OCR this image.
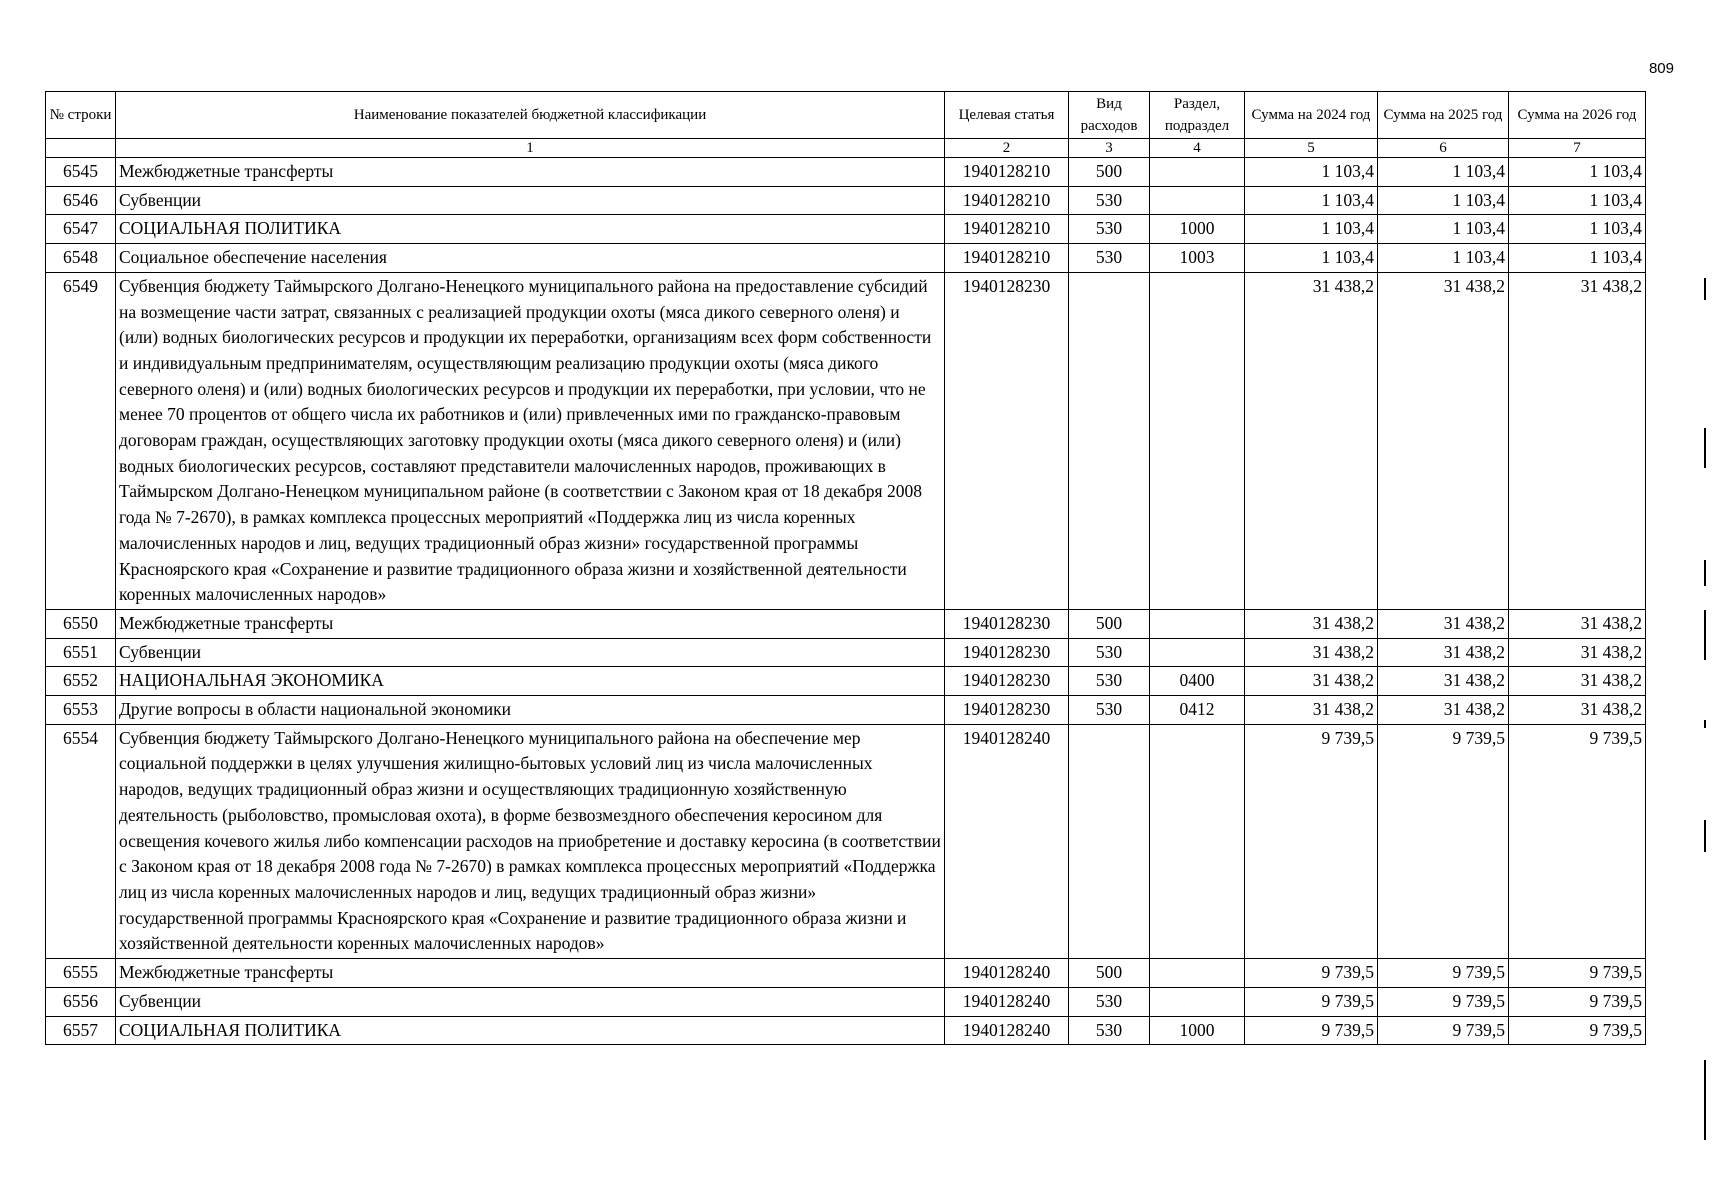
809
№ строки	Наименование показателей бюджетной классификации	Целевая статья	Вид расходов	Раздел, подраздел	Сумма на 2024 год	Сумма на 2025 год	Сумма на 2026 год
	1	2	3	4	5	6	7
6545	Межбюджетные трансферты	1940128210	500		1 103,4	1 103,4	1 103,4
6546	Субвенции	1940128210	530		1 103,4	1 103,4	1 103,4
6547	СОЦИАЛЬНАЯ ПОЛИТИКА	1940128210	530	1000	1 103,4	1 103,4	1 103,4
6548	Социальное обеспечение населения	1940128210	530	1003	1 103,4	1 103,4	1 103,4
6549	Субвенция бюджету Таймырского Долгано-Ненецкого муниципального района на предоставление субсидий на возмещение части затрат, связанных с реализацией продукции охоты (мяса дикого северного оленя) и (или) водных биологических ресурсов и продукции их переработки, организациям всех форм собственности и индивидуальным предпринимателям, осуществляющим реализацию продукции охоты (мяса дикого северного оленя) и (или) водных биологических ресурсов и продукции их переработки, при условии, что не менее 70 процентов от общего числа их работников и (или) привлеченных ими по гражданско-правовым договорам граждан, осуществляющих заготовку продукции охоты (мяса дикого северного оленя) и (или) водных биологических ресурсов, составляют представители малочисленных народов, проживающих в Таймырском Долгано-Ненецком муниципальном районе (в соответствии с Законом края от 18 декабря 2008 года № 7-2670), в рамках комплекса процессных мероприятий «Поддержка лиц из числа коренных малочисленных народов и лиц, ведущих традиционный образ жизни» государственной программы Красноярского края «Сохранение и развитие традиционного образа жизни и хозяйственной деятельности коренных малочисленных народов»	1940128230			31 438,2	31 438,2	31 438,2
6550	Межбюджетные трансферты	1940128230	500		31 438,2	31 438,2	31 438,2
6551	Субвенции	1940128230	530		31 438,2	31 438,2	31 438,2
6552	НАЦИОНАЛЬНАЯ ЭКОНОМИКА	1940128230	530	0400	31 438,2	31 438,2	31 438,2
6553	Другие вопросы в области национальной экономики	1940128230	530	0412	31 438,2	31 438,2	31 438,2
6554	Субвенция бюджету Таймырского Долгано-Ненецкого муниципального района на обеспечение мер социальной поддержки в целях улучшения жилищно-бытовых условий лиц из числа малочисленных народов, ведущих традиционный образ жизни и осуществляющих традиционную хозяйственную деятельность (рыболовство, промысловая охота), в форме безвозмездного обеспечения керосином для освещения кочевого жилья либо компенсации расходов на приобретение и доставку керосина (в соответствии с Законом края от 18 декабря 2008 года № 7-2670) в рамках комплекса процессных мероприятий «Поддержка лиц из числа коренных малочисленных народов и лиц, ведущих традиционный образ жизни» государственной программы Красноярского края «Сохранение и развитие традиционного образа жизни и хозяйственной деятельности коренных малочисленных народов»	1940128240			9 739,5	9 739,5	9 739,5
6555	Межбюджетные трансферты	1940128240	500		9 739,5	9 739,5	9 739,5
6556	Субвенции	1940128240	530		9 739,5	9 739,5	9 739,5
6557	СОЦИАЛЬНАЯ ПОЛИТИКА	1940128240	530	1000	9 739,5	9 739,5	9 739,5
